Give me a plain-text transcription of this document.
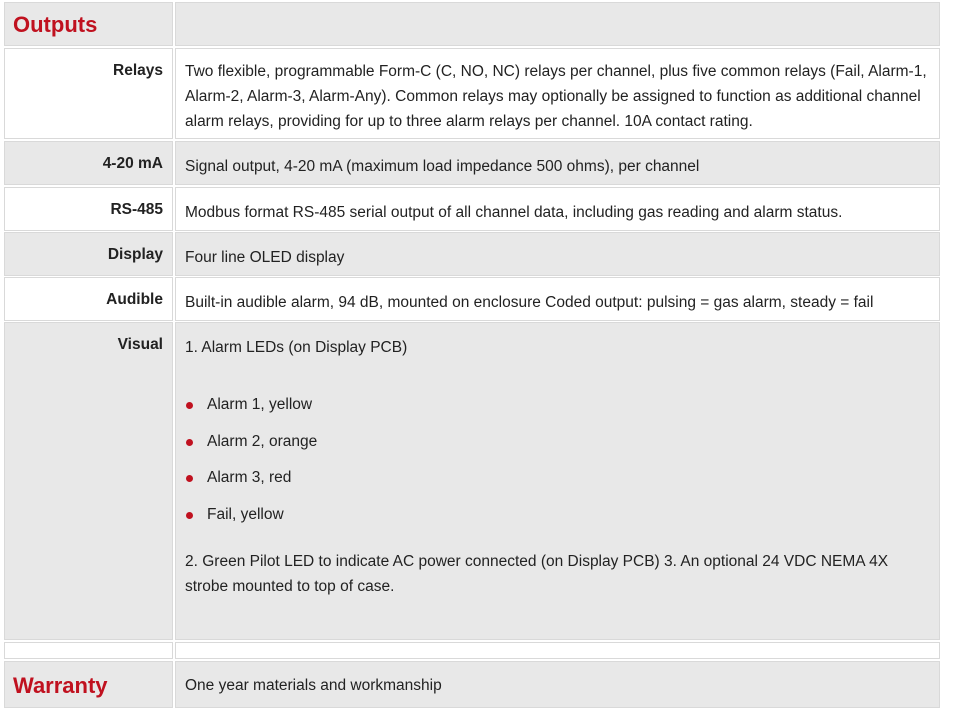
Outputs
Relays	Two flexible, programmable Form-C (C, NO, NC) relays per channel, plus five common relays (Fail, Alarm-1, Alarm-2, Alarm-3, Alarm-Any). Common relays may optionally be assigned to function as additional channel alarm relays, providing for up to three alarm relays per channel. 10A contact rating.
4-20 mA	Signal output, 4-20 mA (maximum load impedance 500 ohms), per channel
RS-485	Modbus format RS-485 serial output of all channel data, including gas reading and alarm status.
Display	Four line OLED display
Audible	Built-in audible alarm, 94 dB, mounted on enclosure Coded output: pulsing = gas alarm, steady = fail
Visual	1. Alarm LEDs (on Display PCB)
Alarm 1, yellow
Alarm 2, orange
Alarm 3, red
Fail, yellow
2. Green Pilot LED to indicate AC power connected (on Display PCB) 3. An optional 24 VDC NEMA 4X strobe mounted to top of case.
Warranty	One year materials and workmanship
